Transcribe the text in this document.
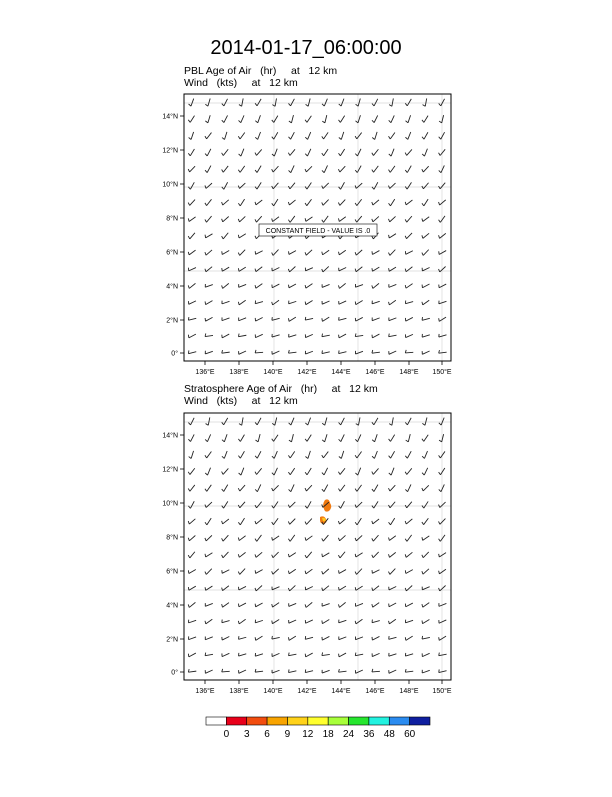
2014-01-17_06:00:00
PBL Age of Air   (hr)     at   12 km
Wind   (kts)     at   12 km
0°
2°N
4°N
6°N
8°N
10°N
12°N
14°N
136°E 138°E 140°E 142°E 144°E 146°E 148°E 150°E
CONSTANT FIELD - VALUE IS .0
Stratosphere Age of Air   (hr)     at   12 km
Wind   (kts)     at   12 km
0°
2°N
4°N
6°N
8°N
10°N
12°N
14°N
136°E 138°E 140°E 142°E 144°E 146°E 148°E 150°E
0 3 6 9 12 18 24 36 48 60
